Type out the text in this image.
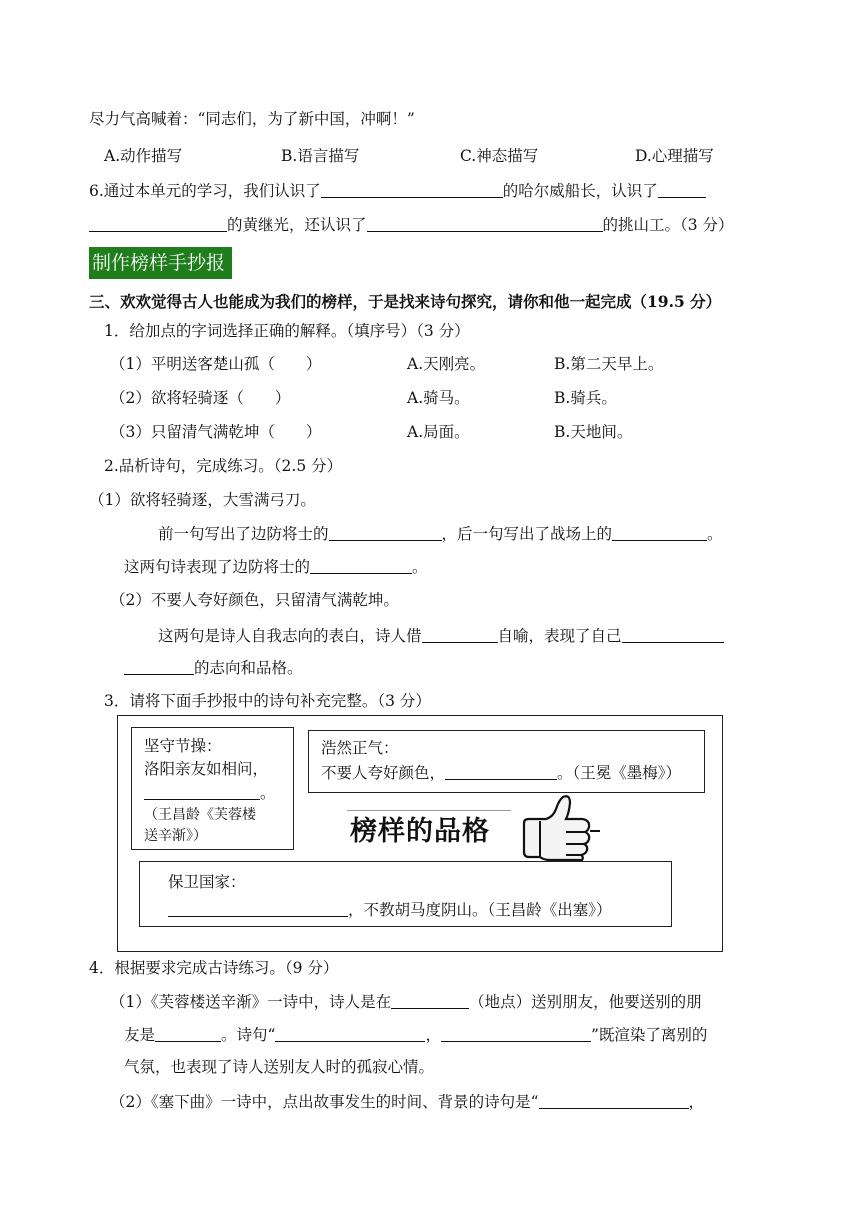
尽力气高喊着：“同志们，为了新中国，冲啊！”
A.动作描写	B.语言描写	C.神态描写	D.心理描写
6.通过本单元的学习，我们认识了	的哈尔威船长，认识了
的黄继光，还认识了	的挑山工。（3 分）
制作榜样手抄报
三、欢欢觉得古人也能成为我们的榜样，于是找来诗句探究，请你和他一起完成（19.5 分）
1．给加点的字词选择正确的解释。（填序号）（3 分）
（1）平明送客楚山孤（　　）	A.天刚亮。	B.第二天早上。
（2）欲将轻骑逐（　　）	A.骑马。	B.骑兵。
（3）只留清气满乾坤（　　）	A.局面。	B.天地间。
2.品析诗句，完成练习。（2.5 分）
（1）欲将轻骑逐，大雪满弓刀。
前一句写出了边防将士的	，后一句写出了战场上的	。
这两句诗表现了边防将士的	。
（2）不要人夸好颜色，只留清气满乾坤。
这两句是诗人自我志向的表白，诗人借	自喻，表现了自己
的志向和品格。
3．请将下面手抄报中的诗句补充完整。（3 分）
坚守节操：
洛阳亲友如相问，
。
（王昌龄《芙蓉楼
送辛渐》）
浩然正气：
不要人夸好颜色，	。（王冕《墨梅》）
榜样的品格
保卫国家：
，不教胡马度阴山。（王昌龄《出塞》）
4．根据要求完成古诗练习。（9 分）
（1）《芙蓉楼送辛渐》一诗中，诗人是在	（地点）送别朋友，他要送别的朋
友是	。诗句“	，	”既渲染了离别的
气氛，也表现了诗人送别友人时的孤寂心情。
（2）《塞下曲》一诗中，点出故事发生的时间、背景的诗句是“	，
